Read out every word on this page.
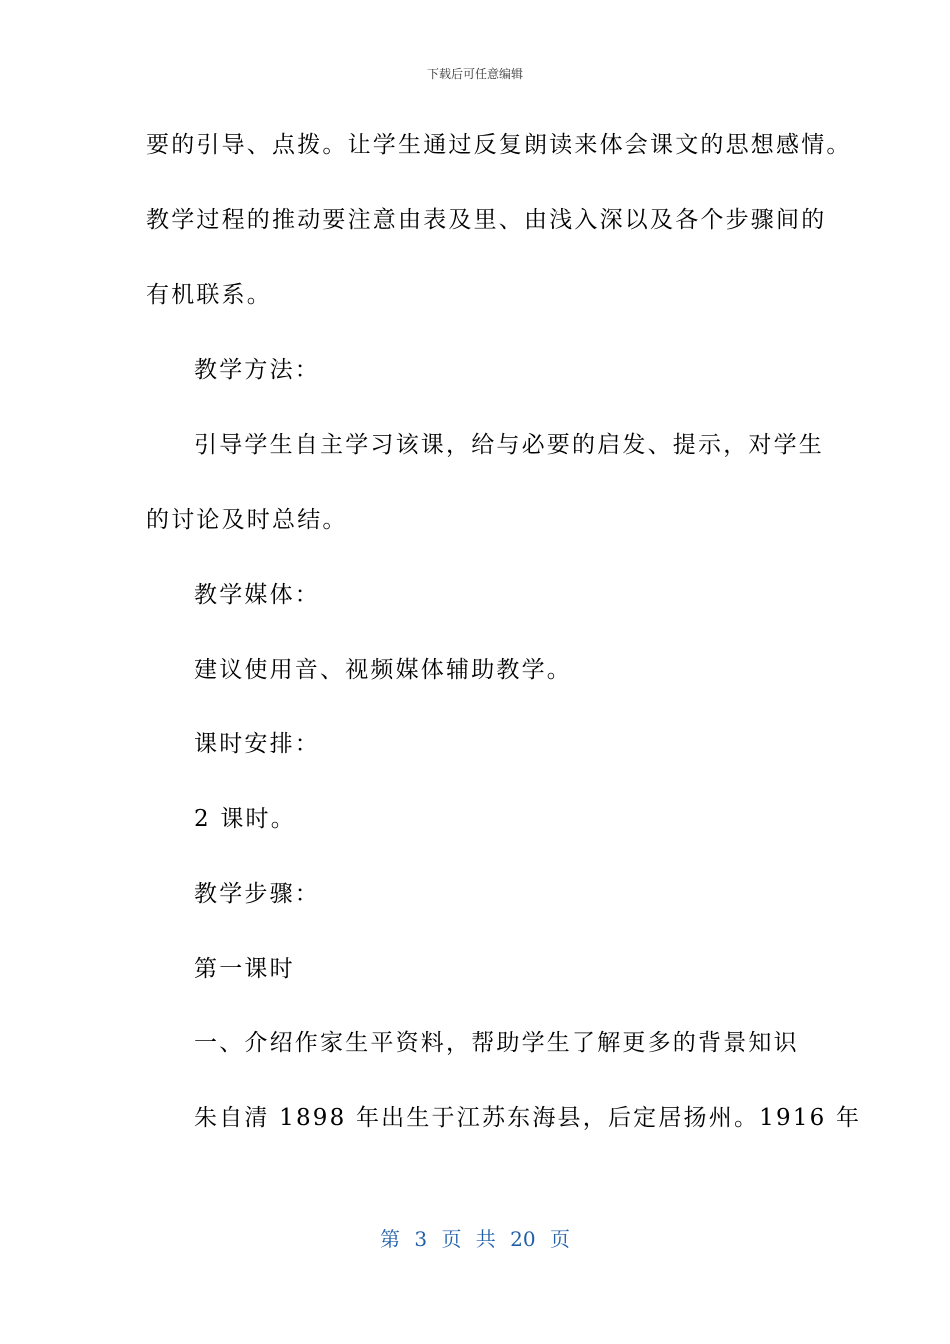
下载后可任意编辑
要的引导、点拨。让学生通过反复朗读来体会课文的思想感情。
教学过程的推动要注意由表及里、由浅入深以及各个步骤间的
有机联系。
教学方法：
引导学生自主学习该课，给与必要的启发、提示，对学生
的讨论及时总结。
教学媒体：
建议使用音、视频媒体辅助教学。
课时安排：
2 课时。
教学步骤：
第一课时
一、介绍作家生平资料，帮助学生了解更多的背景知识
朱自清 1898 年出生于江苏东海县，后定居扬州。1916 年
第 3 页 共 20 页
